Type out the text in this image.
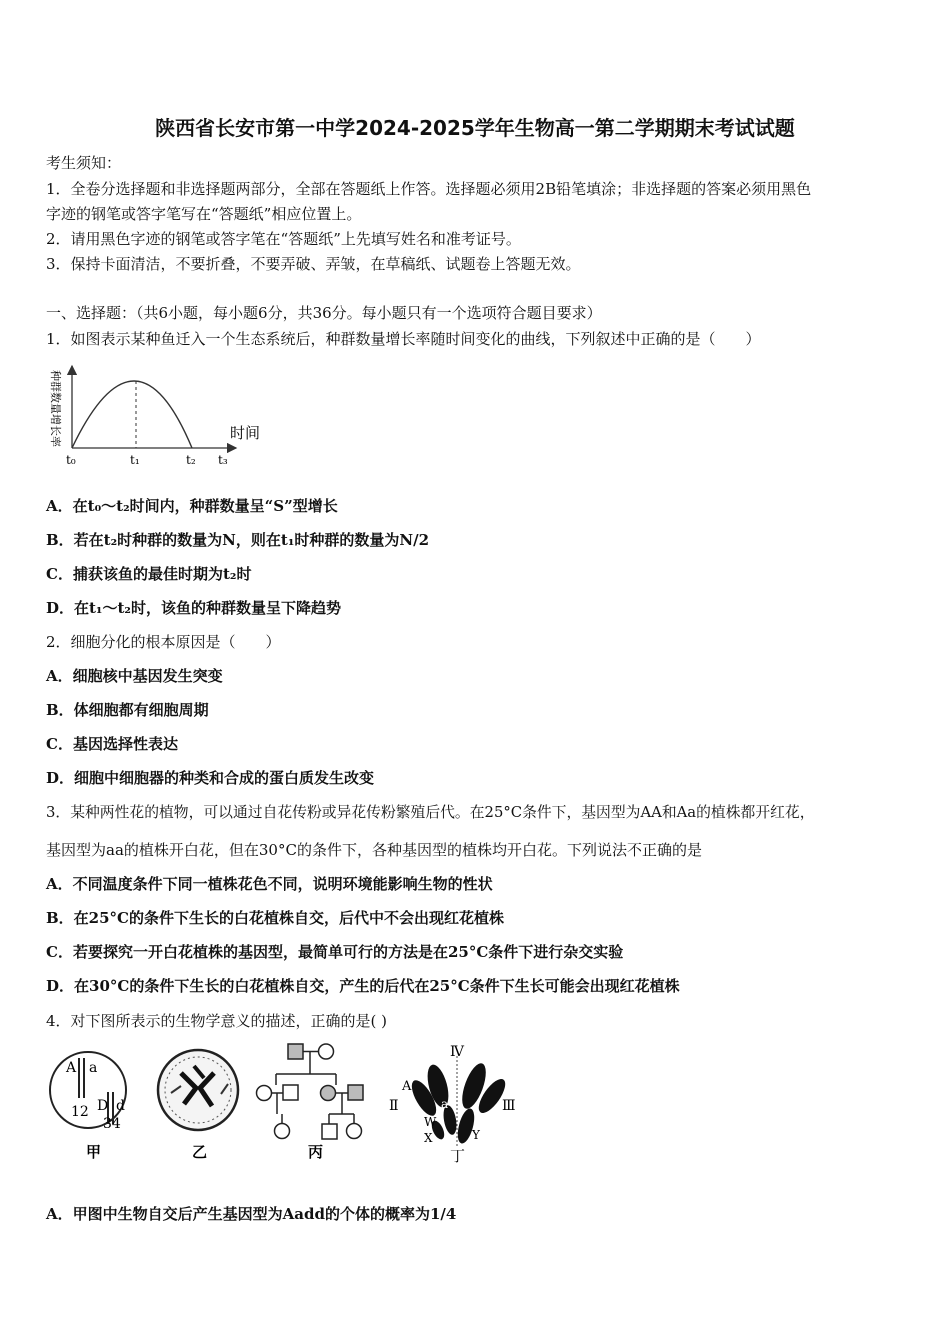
陕西省长安市第一中学2024-2025学年生物高一第二学期期末考试试题
考生须知：
1．全卷分选择题和非选择题两部分，全部在答题纸上作答。选择题必须用2B铅笔填涂；非选择题的答案必须用黑色
字迹的钢笔或答字笔写在“答题纸”相应位置上。
2．请用黑色字迹的钢笔或答字笔在“答题纸”上先填写姓名和准考证号。
3．保持卡面清洁，不要折叠，不要弄破、弄皱，在草稿纸、试题卷上答题无效。
一、选择题：（共6小题，每小题6分，共36分。每小题只有一个选项符合题目要求）
1．如图表示某种鱼迁入一个生态系统后，种群数量增长率随时间变化的曲线，下列叙述中正确的是（　　）
种群数量增长率	时间
t₀	t₁	t₂ t₃
A．在t₀～t₂时间内，种群数量呈“S”型增长
B．若在t₂时种群的数量为N，则在t₁时种群的数量为N/2
C．捕获该鱼的最佳时期为t₂时
D．在t₁～t₂时，该鱼的种群数量呈下降趋势
2．细胞分化的根本原因是（　　）
A．细胞核中基因发生突变
B．体细胞都有细胞周期
C．基因选择性表达
D．细胞中细胞器的种类和合成的蛋白质发生改变
3．某种两性花的植物，可以通过自花传粉或异花传粉繁殖后代。在25°C条件下，基因型为AA和Aa的植株都开红花，
基因型为aa的植株开白花，但在30°C的条件下，各种基因型的植株均开白花。下列说法不正确的是
A．不同温度条件下同一植株花色不同，说明环境能影响生物的性状
B．在25°C的条件下生长的白花植株自交，后代中不会出现红花植株
C．若要探究一开白花植株的基因型，最简单可行的方法是在25°C条件下进行杂交实验
D．在30°C的条件下生长的白花植株自交，产生的后代在25°C条件下生长可能会出现红花植株
4．对下图所表示的生物学意义的描述，正确的是( )
A a
D d
12
34
甲	乙	丙
Ⅳ
Ⅱ	Ⅲ
A
a
W
X	Y
丁
A．甲图中生物自交后产生基因型为Aadd的个体的概率为1/4
